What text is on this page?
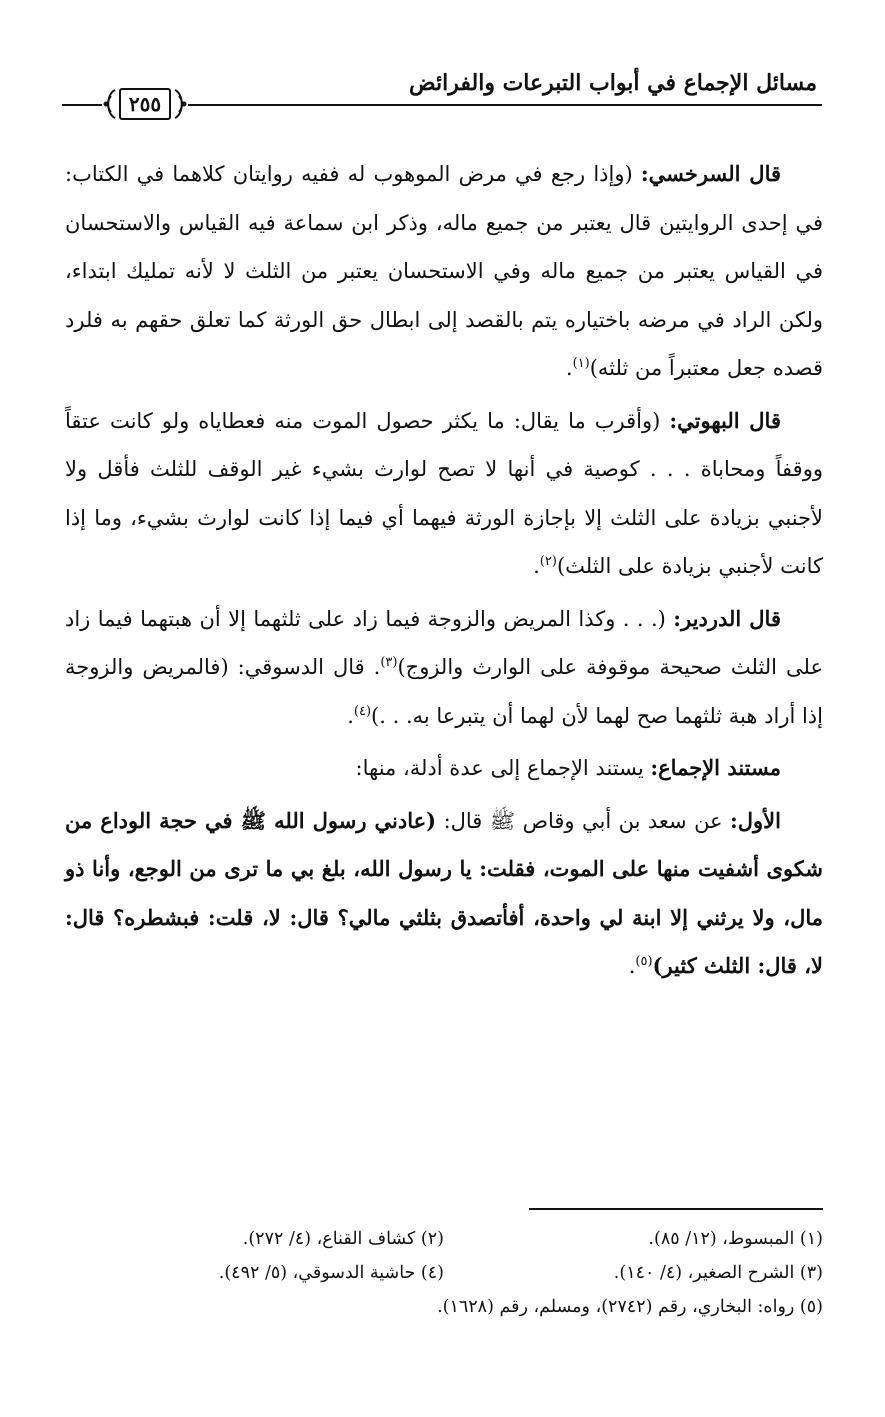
مسائل الإجماع في أبواب التبرعات والفرائض
٢٥٥

قال السرخسي: (وإذا رجع في مرض الموهوب له ففيه روايتان كلاهما في الكتاب: في إحدى الروايتين قال يعتبر من جميع ماله، وذكر ابن سماعة فيه القياس والاستحسان في القياس يعتبر من جميع ماله وفي الاستحسان يعتبر من الثلث لا لأنه تمليك ابتداء، ولكن الراد في مرضه باختياره يتم بالقصد إلى ابطال حق الورثة كما تعلق حقهم به فلرد قصده جعل معتبراً من ثلثه)$^{(١)}$.

قال البهوتي: (وأقرب ما يقال: ما يكثر حصول الموت منه فعطاياه ولو كانت عتقاً ووقفاً ومحاباة . . . كوصية في أنها لا تصح لوارث بشيء غير الوقف للثلث فأقل ولا لأجنبي بزيادة على الثلث إلا بإجازة الورثة فيهما أي فيما إذا كانت لوارث بشيء، وما إذا كانت لأجنبي بزيادة على الثلث)$^{(٢)}$.

قال الدردير: (. . . وكذا المريض والزوجة فيما زاد على ثلثهما إلا أن هبتهما فيما زاد على الثلث صحيحة موقوفة على الوارث والزوج)$^{(٣)}$. قال الدسوقي: (فالمريض والزوجة إذا أراد هبة ثلثهما صح لهما لأن لهما أن يتبرعا به. . .)$^{(٤)}$.

مستند الإجماع: يستند الإجماع إلى عدة أدلة، منها:

الأول: عن سعد بن أبي وقاص ﷺ قال: (عادني رسول الله ﷺ في حجة الوداع من شكوى أشفيت منها على الموت، فقلت: يا رسول الله، بلغ بي ما ترى من الوجع، وأنا ذو مال، ولا يرثني إلا ابنة لي واحدة، أفأتصدق بثلثي مالي؟ قال: لا، قلت: فبشطره؟ قال: لا، قال: الثلث كثير)$^{(٥)}$.

(١) المبسوط، (١٢/ ٨٥).
(٢) كشاف القناع، (٤/ ٢٧٢).
(٣) الشرح الصغير، (٤/ ١٤٠).
(٤) حاشية الدسوقي، (٥/ ٤٩٢).
(٥) رواه: البخاري، رقم (٢٧٤٢)، ومسلم، رقم (١٦٢٨).
